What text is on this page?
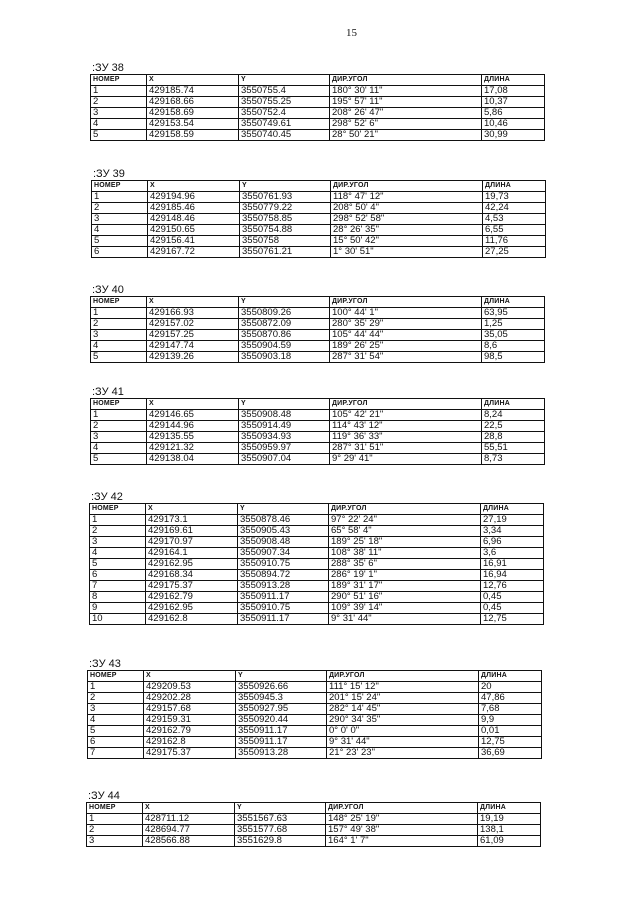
15
:ЗУ 38
НОМЕР	X	Y	ДИР.УГОЛ	ДЛИНА
1	429185.74	3550755.4	180° 30' 11"	17,08
2	429168.66	3550755.25	195° 57' 11"	10,37
3	429158.69	3550752.4	208° 26' 47"	5,86
4	429153.54	3550749.61	298° 52' 6"	10,46
5	429158.59	3550740.45	28° 50' 21"	30,99
:ЗУ 39
НОМЕР	X	Y	ДИР.УГОЛ	ДЛИНА
1	429194.96	3550761.93	118° 47' 12"	19,73
2	429185.46	3550779.22	208° 50' 4"	42,24
3	429148.46	3550758.85	298° 52' 58"	4,53
4	429150.65	3550754.88	28° 26' 35"	6,55
5	429156.41	3550758	15° 50' 42"	11,76
6	429167.72	3550761.21	1° 30' 51"	27,25
:ЗУ 40
НОМЕР	X	Y	ДИР.УГОЛ	ДЛИНА
1	429166.93	3550809.26	100° 44' 1"	63,95
2	429157.02	3550872.09	280° 35' 29"	1,25
3	429157.25	3550870.86	105° 44' 44"	35,05
4	429147.74	3550904.59	189° 26' 25"	8,6
5	429139.26	3550903.18	287° 31' 54"	98,5
:ЗУ 41
НОМЕР	X	Y	ДИР.УГОЛ	ДЛИНА
1	429146.65	3550908.48	105° 42' 21"	8,24
2	429144.96	3550914.49	114° 43' 12"	22,5
3	429135.55	3550934.93	119° 36' 33"	28,8
4	429121.32	3550959.97	287° 31' 51"	55,51
5	429138.04	3550907.04	9° 29' 41"	8,73
:ЗУ 42
НОМЕР	X	Y	ДИР.УГОЛ	ДЛИНА
1	429173.1	3550878.46	97° 22' 24"	27,19
2	429169.61	3550905.43	65° 58' 4"	3,34
3	429170.97	3550908.48	189° 25' 18"	6,96
4	429164.1	3550907.34	108° 38' 11"	3,6
5	429162.95	3550910.75	288° 35' 6"	16,91
6	429168.34	3550894.72	286° 19' 1"	16,94
7	429175.37	3550913.28	189° 31' 17"	12,76
8	429162.79	3550911.17	290° 51' 16"	0,45
9	429162.95	3550910.75	109° 39' 14"	0,45
10	429162.8	3550911.17	9° 31' 44"	12,75
:ЗУ 43
НОМЕР	X	Y	ДИР.УГОЛ	ДЛИНА
1	429209.53	3550926.66	111° 15' 12"	20
2	429202.28	3550945.3	201° 15' 24"	47,86
3	429157.68	3550927.95	282° 14' 45"	7,68
4	429159.31	3550920.44	290° 34' 35"	9,9
5	429162.79	3550911.17	0° 0' 0"	0,01
6	429162.8	3550911.17	9° 31' 44"	12,75
7	429175.37	3550913.28	21° 23' 23"	36,69
:ЗУ 44
НОМЕР	X	Y	ДИР.УГОЛ	ДЛИНА
1	428711.12	3551567.63	148° 25' 19"	19,19
2	428694.77	3551577.68	157° 49' 38"	138,1
3	428566.88	3551629.8	164° 1' 7"	61,09
